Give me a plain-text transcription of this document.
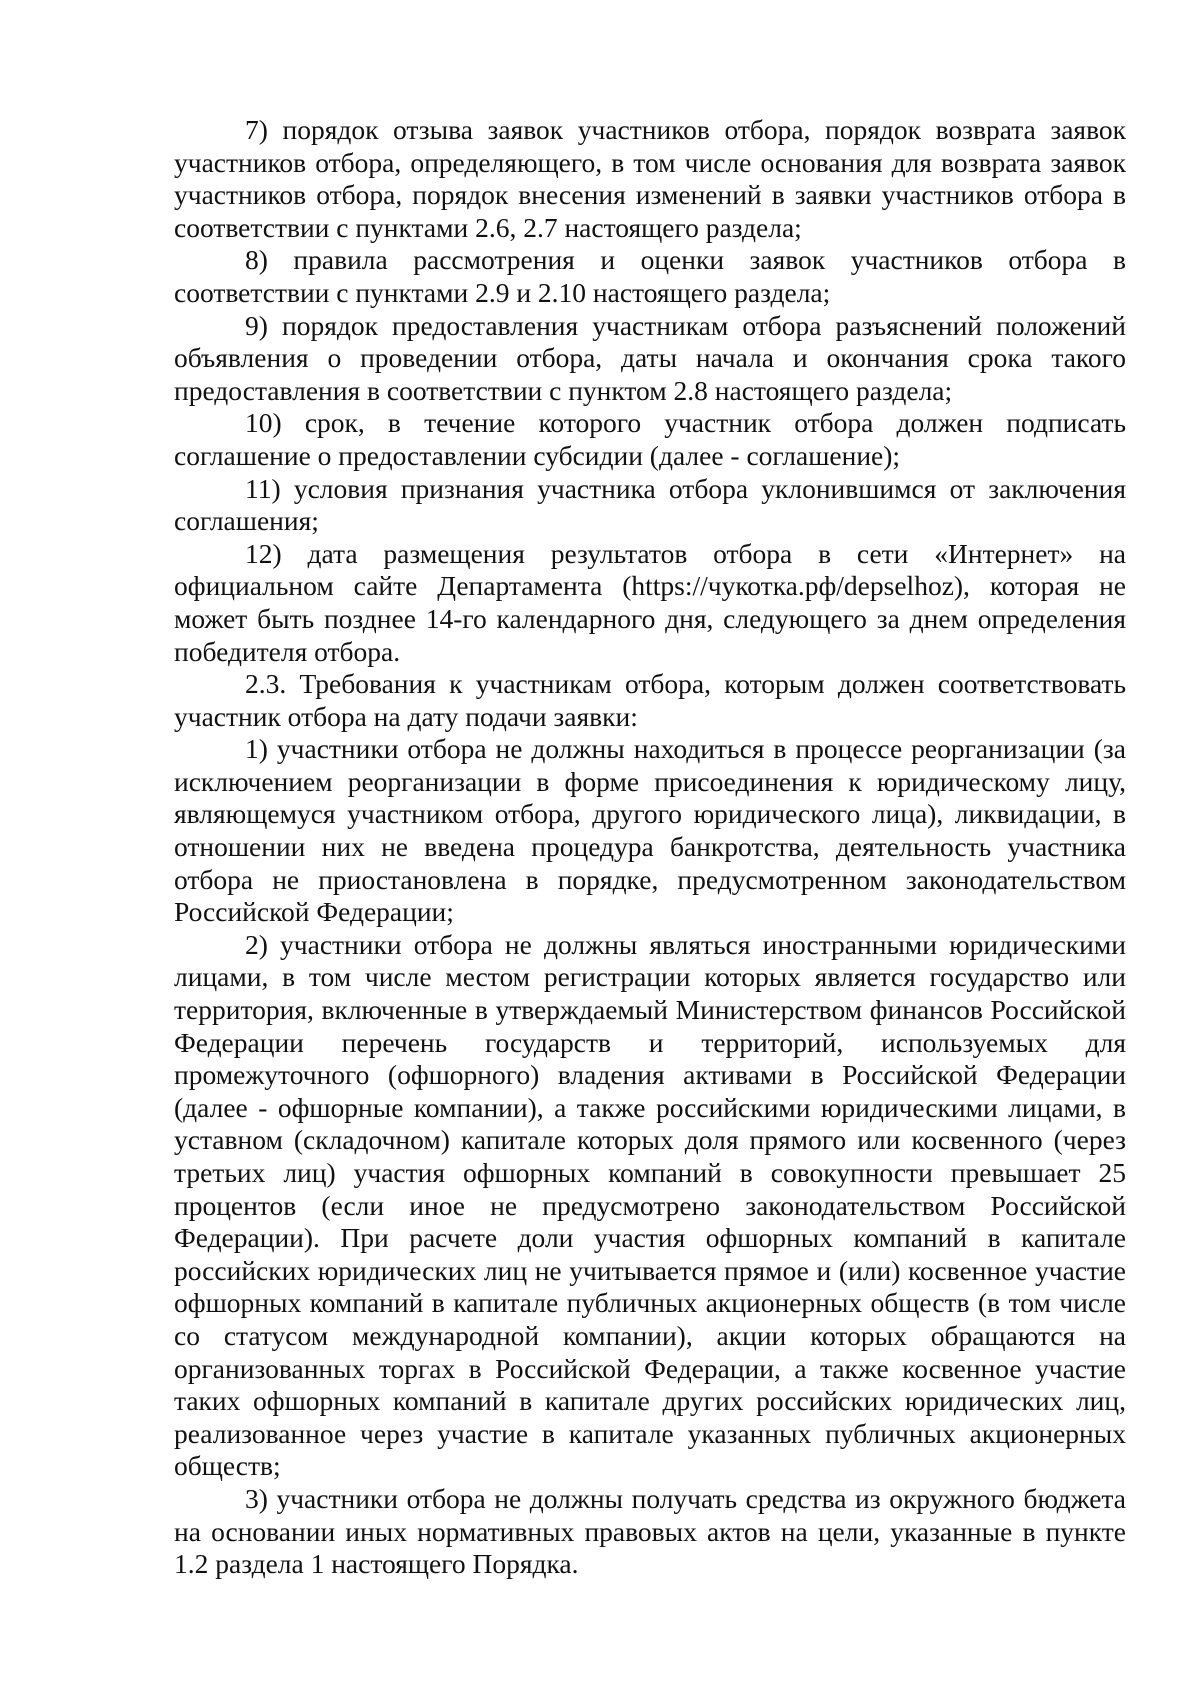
7) порядок отзыва заявок участников отбора, порядок возврата заявок участников отбора, определяющего, в том числе основания для возврата заявок участников отбора, порядок внесения изменений в заявки участников отбора в соответствии с пунктами 2.6, 2.7 настоящего раздела;

8) правила рассмотрения и оценки заявок участников отбора в соответствии с пунктами 2.9 и 2.10 настоящего раздела;

9) порядок предоставления участникам отбора разъяснений положений объявления о проведении отбора, даты начала и окончания срока такого предоставления в соответствии с пунктом 2.8 настоящего раздела;

10) срок, в течение которого участник отбора должен подписать соглашение о предоставлении субсидии (далее - соглашение);

11) условия признания участника отбора уклонившимся от заключения соглашения;

12) дата размещения результатов отбора в сети «Интернет» на официальном сайте Департамента (https://чукотка.рф/depselhoz), которая не может быть позднее 14-го календарного дня, следующего за днем определения победителя отбора.

2.3. Требования к участникам отбора, которым должен соответствовать участник отбора на дату подачи заявки:

1) участники отбора не должны находиться в процессе реорганизации (за исключением реорганизации в форме присоединения к юридическому лицу, являющемуся участником отбора, другого юридического лица), ликвидации, в отношении них не введена процедура банкротства, деятельность участника отбора не приостановлена в порядке, предусмотренном законодательством Российской Федерации;

2) участники отбора не должны являться иностранными юридическими лицами, в том числе местом регистрации которых является государство или территория, включенные в утверждаемый Министерством финансов Российской Федерации перечень государств и территорий, используемых для промежуточного (офшорного) владения активами в Российской Федерации (далее - офшорные компании), а также российскими юридическими лицами, в уставном (складочном) капитале которых доля прямого или косвенного (через третьих лиц) участия офшорных компаний в совокупности превышает 25 процентов (если иное не предусмотрено законодательством Российской Федерации). При расчете доли участия офшорных компаний в капитале российских юридических лиц не учитывается прямое и (или) косвенное участие офшорных компаний в капитале публичных акционерных обществ (в том числе со статусом международной компании), акции которых обращаются на организованных торгах в Российской Федерации, а также косвенное участие таких офшорных компаний в капитале других российских юридических лиц, реализованное через участие в капитале указанных публичных акционерных обществ;

3) участники отбора не должны получать средства из окружного бюджета на основании иных нормативных правовых актов на цели, указанные в пункте 1.2 раздела 1 настоящего Порядка.
